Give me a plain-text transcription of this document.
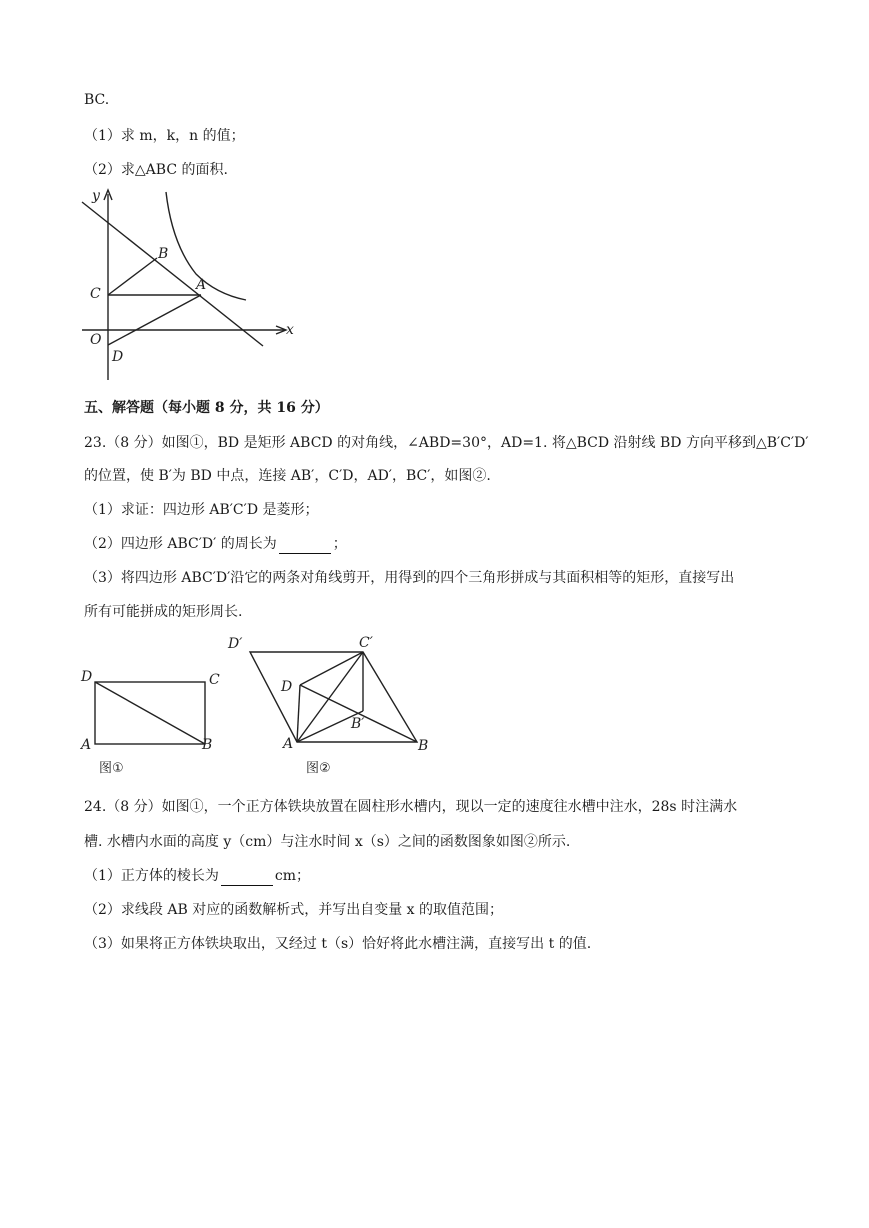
BC.
（1）求 m，k，n 的值；
（2）求△ABC 的面积.
y
x
O
B
C
A
D
五、解答题（每小题 8 分，共 16 分）
23.（8 分）如图①，BD 是矩形 ABCD 的对角线，∠ABD=30°，AD=1. 将△BCD 沿射线 BD 方向平移到△B′C′D′
的位置，使 B′为 BD 中点，连接 AB′，C′D，AD′，BC′，如图②.
（1）求证：四边形 AB′C′D 是菱形；
（2）四边形 ABC′D′ 的周长为	；
（3）将四边形 ABC′D′沿它的两条对角线剪开，用得到的四个三角形拼成与其面积相等的矩形，直接写出
所有可能拼成的矩形周长.
D	C
A	B
图①
D′	C′
D
B′
A	B
图②
24.（8 分）如图①，一个正方体铁块放置在圆柱形水槽内，现以一定的速度往水槽中注水，28s 时注满水
槽. 水槽内水面的高度 y（cm）与注水时间 x（s）之间的函数图象如图②所示.
（1）正方体的棱长为	cm；
（2）求线段 AB 对应的函数解析式，并写出自变量 x 的取值范围；
（3）如果将正方体铁块取出，又经过 t（s）恰好将此水槽注满，直接写出 t 的值.
